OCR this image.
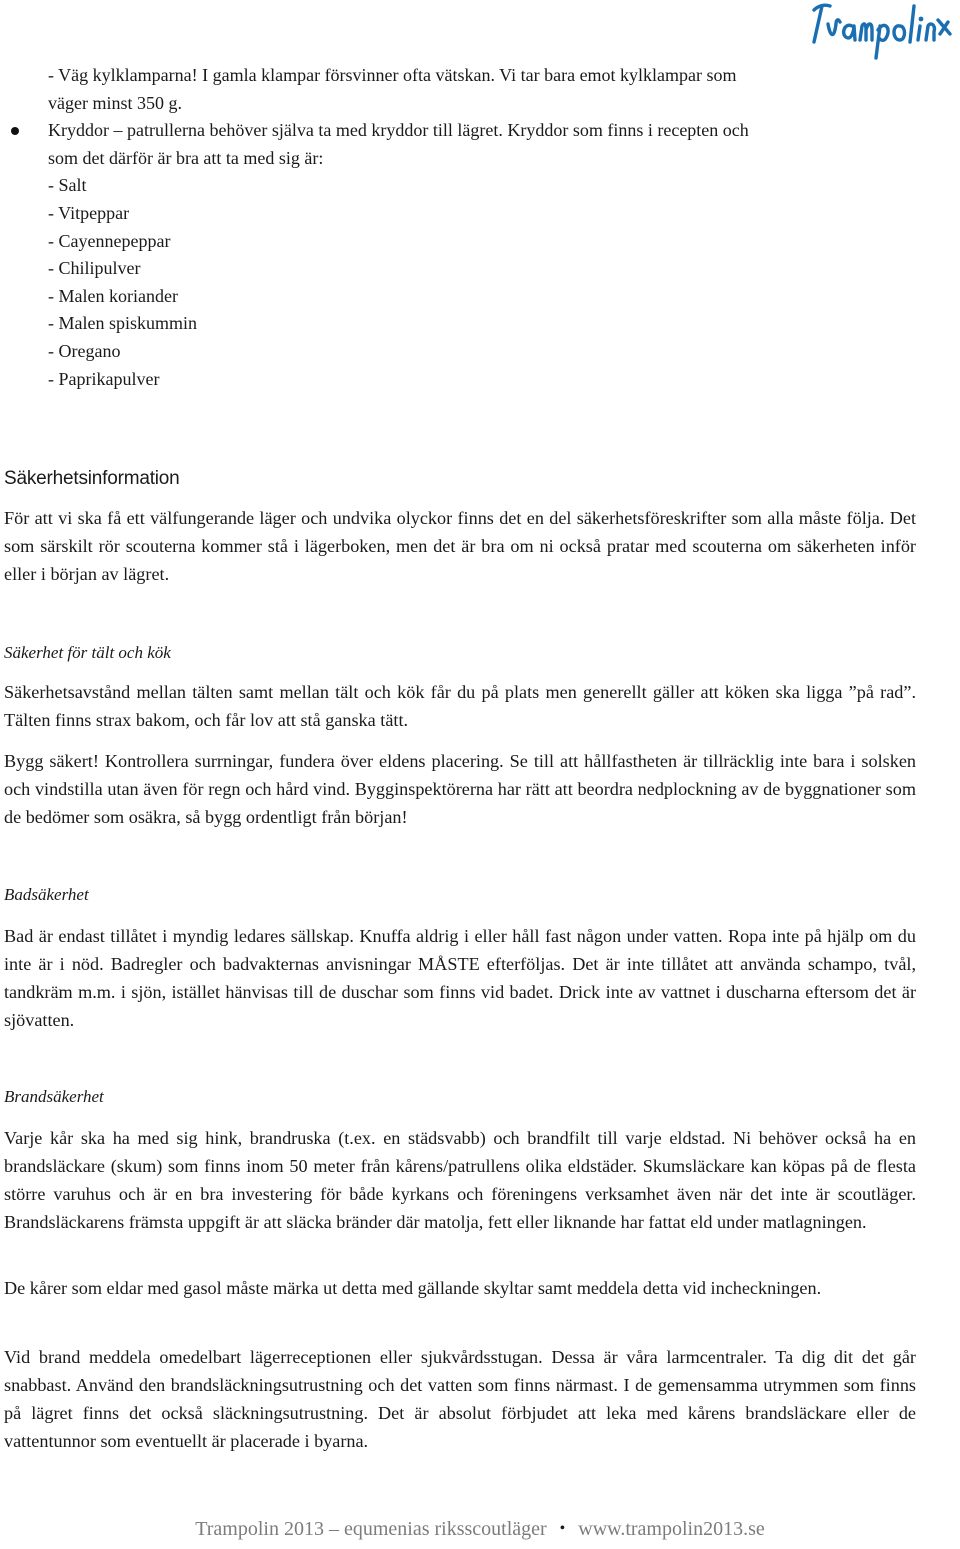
- Väg kylklamparna! I gamla klampar försvinner ofta vätskan. Vi tar bara emot kylklampar som
väger minst 350 g.
Kryddor – patrullerna behöver själva ta med kryddor till lägret. Kryddor som finns i recepten och
som det därför är bra att ta med sig är:
- Salt
- Vitpeppar
- Cayennepeppar
- Chilipulver
- Malen koriander
- Malen spiskummin
- Oregano
- Paprikapulver
Säkerhetsinformation

För att vi ska få ett välfungerande läger och undvika olyckor finns det en del säkerhetsföreskrifter som alla måste följa. Det som särskilt rör scouterna kommer stå i lägerboken, men det är bra om ni också pratar med scouterna om säkerheten inför eller i början av lägret.

Säkerhet för tält och kök

Säkerhetsavstånd mellan tälten samt mellan tält och kök får du på plats men generellt gäller att köken ska ligga ”på rad”. Tälten finns strax bakom, och får lov att stå ganska tätt.

Bygg säkert! Kontrollera surrningar, fundera över eldens placering. Se till att hållfastheten är tillräcklig inte bara i solsken och vindstilla utan även för regn och hård vind. Bygginspektörerna har rätt att beordra nedplockning av de byggnationer som de bedömer som osäkra, så bygg ordentligt från början!

Badsäkerhet

Bad är endast tillåtet i myndig ledares sällskap. Knuffa aldrig i eller håll fast någon under vatten. Ropa inte på hjälp om du inte är i nöd. Badregler och badvakternas anvisningar MÅSTE efterföljas. Det är inte tillåtet att använda schampo, tvål, tandkräm m.m. i sjön, istället hänvisas till de duschar som finns vid badet. Drick inte av vattnet i duscharna eftersom det är sjövatten.

Brandsäkerhet

Varje kår ska ha med sig hink, brandruska (t.ex. en städsvabb) och brandfilt till varje eldstad. Ni behöver också ha en brandsläckare (skum) som finns inom 50 meter från kårens/patrullens olika eldstäder. Skumsläckare kan köpas på de flesta större varuhus och är en bra investering för både kyrkans och föreningens verksamhet även när det inte är scoutläger. Brandsläckarens främsta uppgift är att släcka bränder där matolja, fett eller liknande har fattat eld under matlagningen.

De kårer som eldar med gasol måste märka ut detta med gällande skyltar samt meddela detta vid incheckningen.

Vid brand meddela omedelbart lägerreceptionen eller sjukvårdsstugan. Dessa är våra larmcentraler. Ta dig dit det går snabbast. Använd den brandsläckningsutrustning och det vatten som finns närmast. I de gemensamma utrymmen som finns på lägret finns det också släckningsutrustning. Det är absolut förbjudet att leka med kårens brandsläckare eller de vattentunnor som eventuellt är placerade i byarna.

Trampolin 2013 – equmenias riksscoutläger • www.trampolin2013.se
